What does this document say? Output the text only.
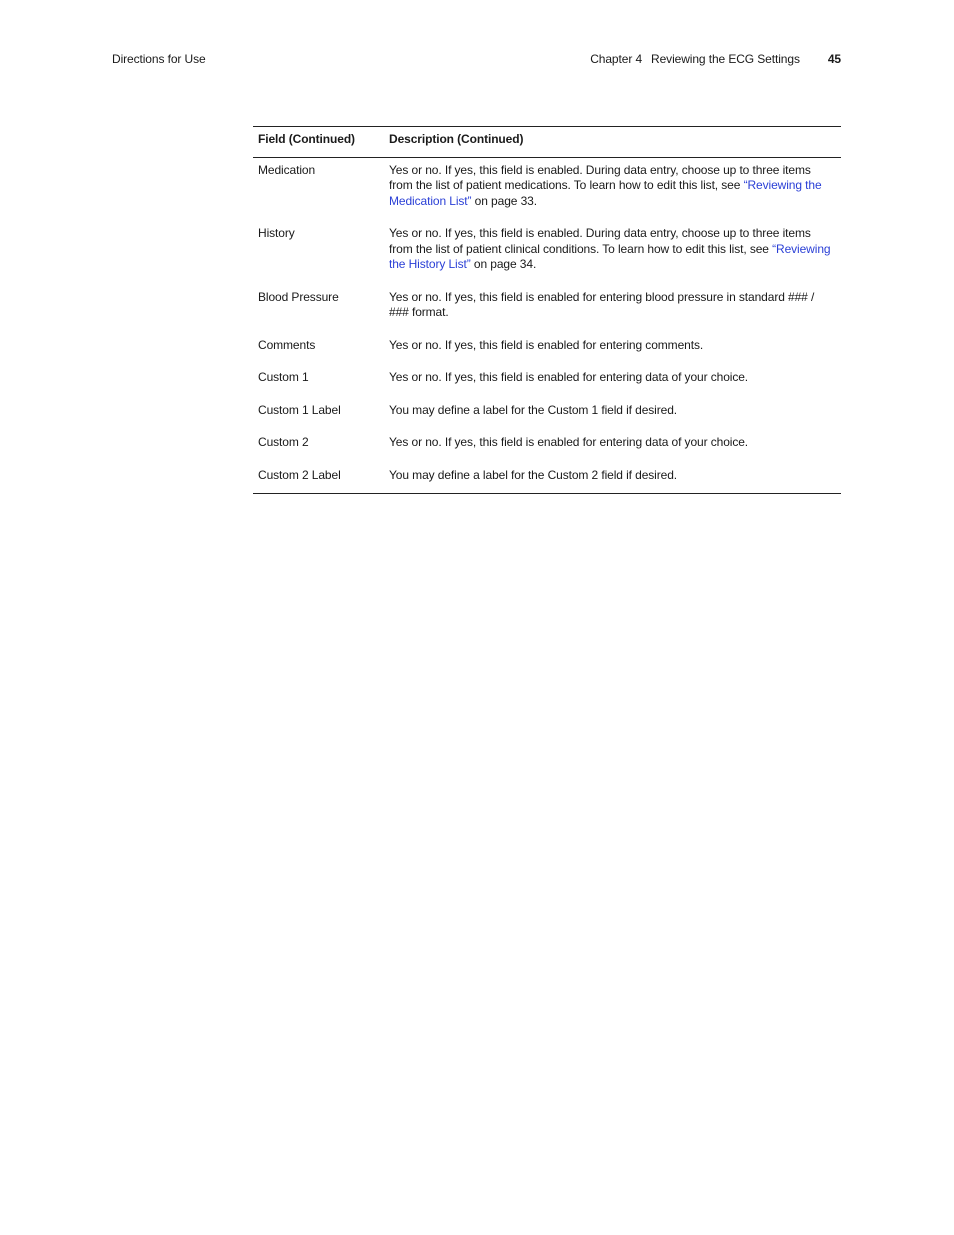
Directions for Use	Chapter 4 Reviewing the ECG Settings 45
Field (Continued)	Description (Continued)
Medication	Yes or no. If yes, this field is enabled. During data entry, choose up to three items from the list of patient medications. To learn how to edit this list, see “Reviewing the Medication List” on page 33.
History	Yes or no. If yes, this field is enabled. During data entry, choose up to three items from the list of patient clinical conditions. To learn how to edit this list, see “Reviewing the History List” on page 34.
Blood Pressure	Yes or no. If yes, this field is enabled for entering blood pressure in standard ### / ### format.
Comments	Yes or no. If yes, this field is enabled for entering comments.
Custom 1	Yes or no. If yes, this field is enabled for entering data of your choice.
Custom 1 Label	You may define a label for the Custom 1 field if desired.
Custom 2	Yes or no. If yes, this field is enabled for entering data of your choice.
Custom 2 Label	You may define a label for the Custom 2 field if desired.
